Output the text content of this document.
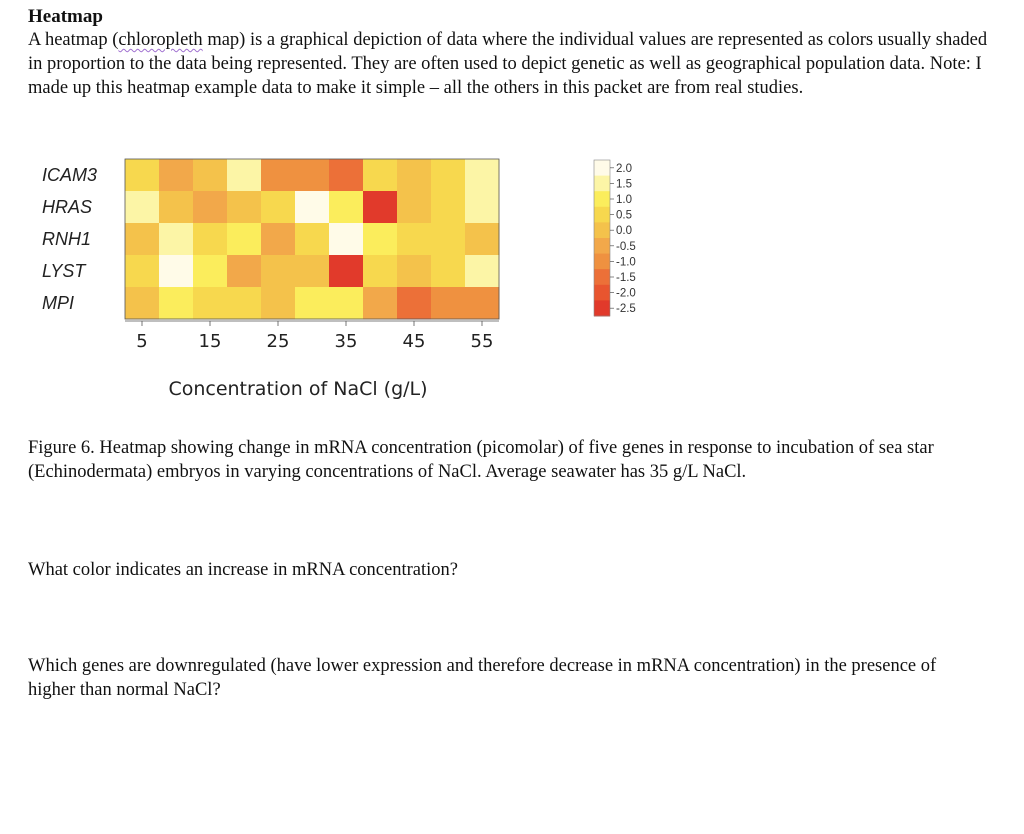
Heatmap

A heatmap (chloropleth map) is a graphical depiction of data where the individual values are represented as colors usually shaded in proportion to the data being represented. They are often used to depict genetic as well as geographical population data. Note: I made up this heatmap example data to make it simple – all the others in this packet are from real studies.

ICAM3
HRAS
RNH1
LYST
MPI
5	15	25	35	45	55
Concentration of NaCl (g/L)
2.0
1.5
1.0
0.5
0.0
-0.5
-1.0
-1.5
-2.0
-2.5

Figure 6. Heatmap showing change in mRNA concentration (picomolar) of five genes in response to incubation of sea star (Echinodermata) embryos in varying concentrations of NaCl. Average seawater has 35 g/L NaCl.

What color indicates an increase in mRNA concentration?

Which genes are downregulated (have lower expression and therefore decrease in mRNA concentration) in the presence of higher than normal NaCl?
